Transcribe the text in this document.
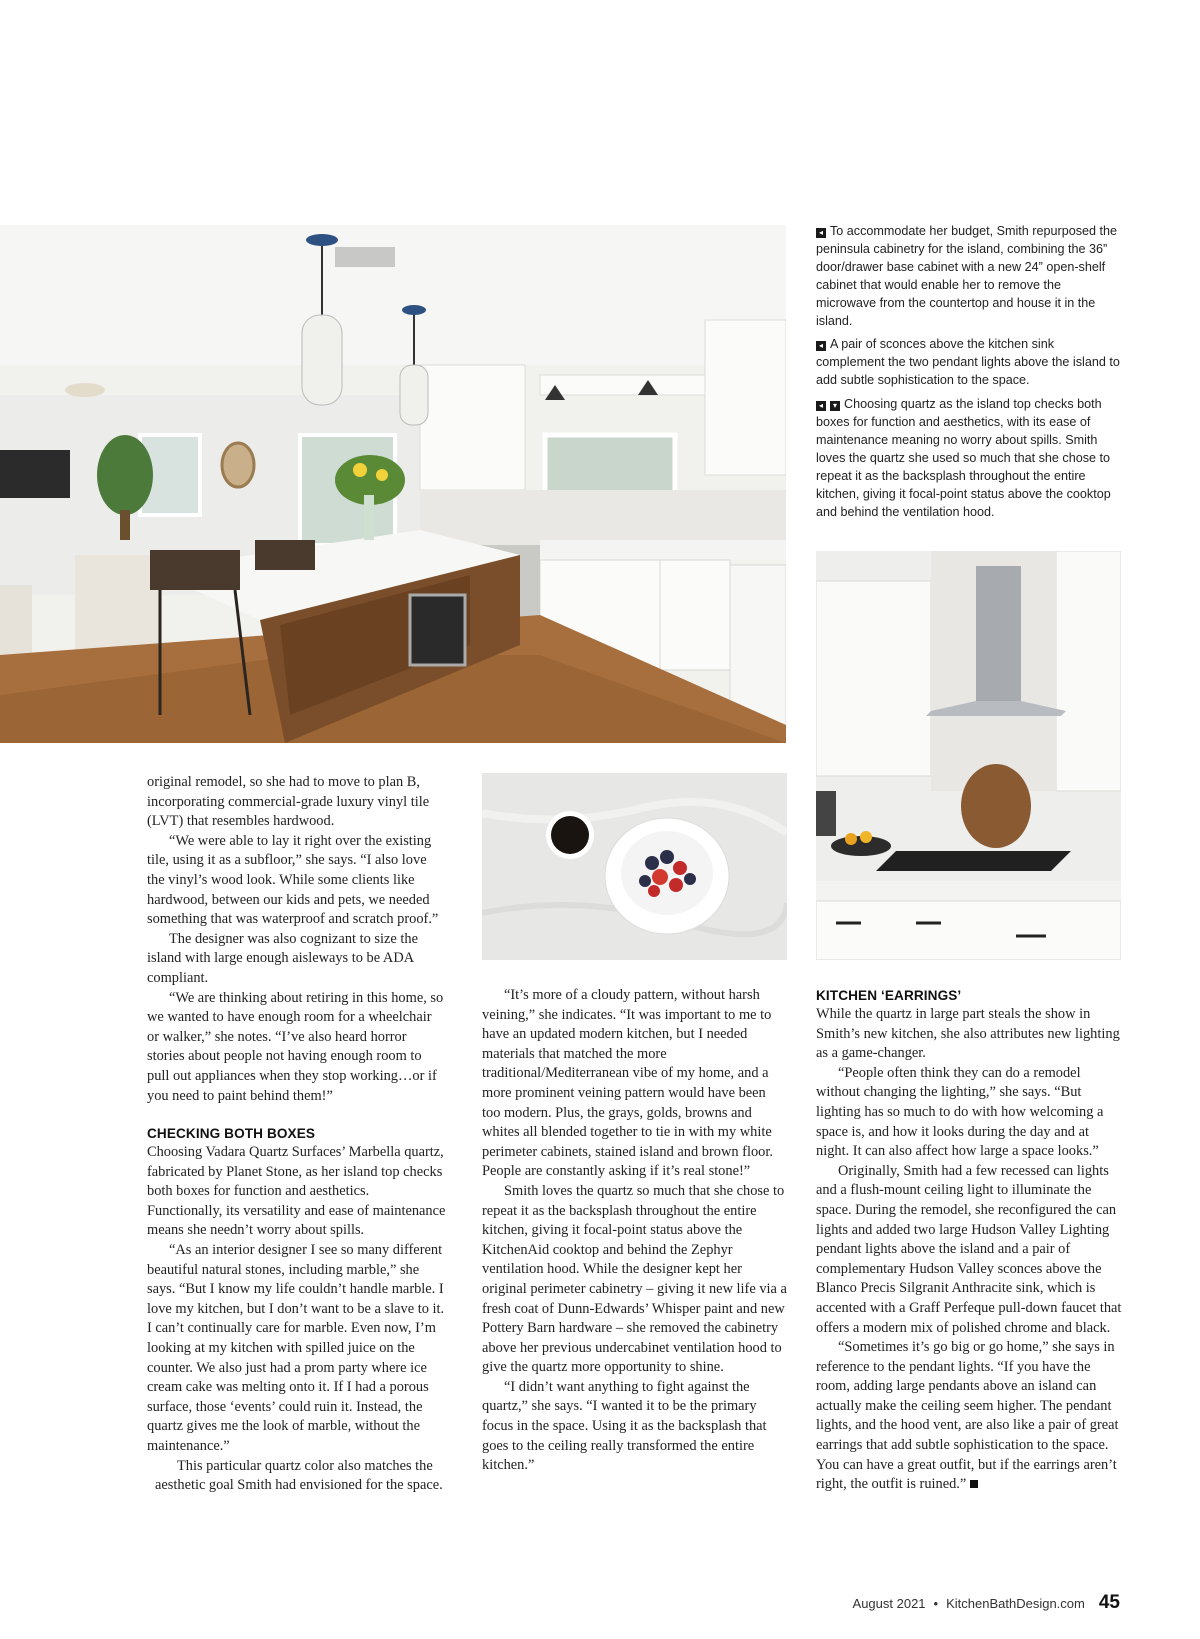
◂ To accommodate her budget, Smith repurposed the peninsula cabinetry for the island, combining the 36” door/drawer base cabinet with a new 24” open-shelf cabinet that would enable her to remove the microwave from the countertop and house it in the island.
◂ A pair of sconces above the kitchen sink complement the two pendant lights above the island to add subtle sophistication to the space.
◂ ▾ Choosing quartz as the island top checks both boxes for function and aesthetics, with its ease of maintenance meaning no worry about spills. Smith loves the quartz she used so much that she chose to repeat it as the backsplash throughout the entire kitchen, giving it focal-point status above the cooktop and behind the ventilation hood.

original remodel, so she had to move to plan B, incorporating commercial-grade luxury vinyl tile (LVT) that resembles hardwood.

“We were able to lay it right over the existing tile, using it as a subfloor,” she says. “I also love the vinyl’s wood look. While some clients like hardwood, between our kids and pets, we needed something that was waterproof and scratch proof.”

The designer was also cognizant to size the island with large enough aisleways to be ADA compliant.

“We are thinking about retiring in this home, so we wanted to have enough room for a wheelchair or walker,” she notes. “I’ve also heard horror stories about people not having enough room to pull out appliances when they stop working…or if you need to paint behind them!”

CHECKING BOTH BOXES

Choosing Vadara Quartz Surfaces’ Marbella quartz, fabricated by Planet Stone, as her island top checks both boxes for function and aesthetics. Functionally, its versatility and ease of maintenance means she needn’t worry about spills.

“As an interior designer I see so many different beautiful natural stones, including marble,” she says. “But I know my life couldn’t handle marble. I love my kitchen, but I don’t want to be a slave to it. I can’t continually care for marble. Even now, I’m looking at my kitchen with spilled juice on the counter. We also just had a prom party where ice cream cake was melting onto it. If I had a porous surface, those ‘events’ could ruin it. Instead, the quartz gives me the look of marble, without the maintenance.”

This particular quartz color also matches the aesthetic goal Smith had envisioned for the space.

“It’s more of a cloudy pattern, without harsh veining,” she indicates. “It was important to me to have an updated modern kitchen, but I needed materials that matched the more traditional/Mediterranean vibe of my home, and a more prominent veining pattern would have been too modern. Plus, the grays, golds, browns and whites all blended together to tie in with my white perimeter cabinets, stained island and brown floor. People are constantly asking if it’s real stone!”

Smith loves the quartz so much that she chose to repeat it as the backsplash throughout the entire kitchen, giving it focal-point status above the KitchenAid cooktop and behind the Zephyr ventilation hood. While the designer kept her original perimeter cabinetry – giving it new life via a fresh coat of Dunn-Edwards’ Whisper paint and new Pottery Barn hardware – she removed the cabinetry above her previous undercabinet ventilation hood to give the quartz more opportunity to shine.

“I didn’t want anything to fight against the quartz,” she says. “I wanted it to be the primary focus in the space. Using it as the backsplash that goes to the ceiling really transformed the entire kitchen.”

KITCHEN ‘EARRINGS’

While the quartz in large part steals the show in Smith’s new kitchen, she also attributes new lighting as a game-changer.

“People often think they can do a remodel without changing the lighting,” she says. “But lighting has so much to do with how welcoming a space is, and how it looks during the day and at night. It can also affect how large a space looks.”

Originally, Smith had a few recessed can lights and a flush-mount ceiling light to illuminate the space. During the remodel, she reconfigured the can lights and added two large Hudson Valley Lighting pendant lights above the island and a pair of complementary Hudson Valley sconces above the Blanco Precis Silgranit Anthracite sink, which is accented with a Graff Perfeque pull-down faucet that offers a modern mix of polished chrome and black.

“Sometimes it’s go big or go home,” she says in reference to the pendant lights. “If you have the room, adding large pendants above an island can actually make the ceiling seem higher. The pendant lights, and the hood vent, are also like a pair of great earrings that add subtle sophistication to the space. You can have a great outfit, but if the earrings aren’t right, the outfit is ruined.”

August 2021 • KitchenBathDesign.com 45
